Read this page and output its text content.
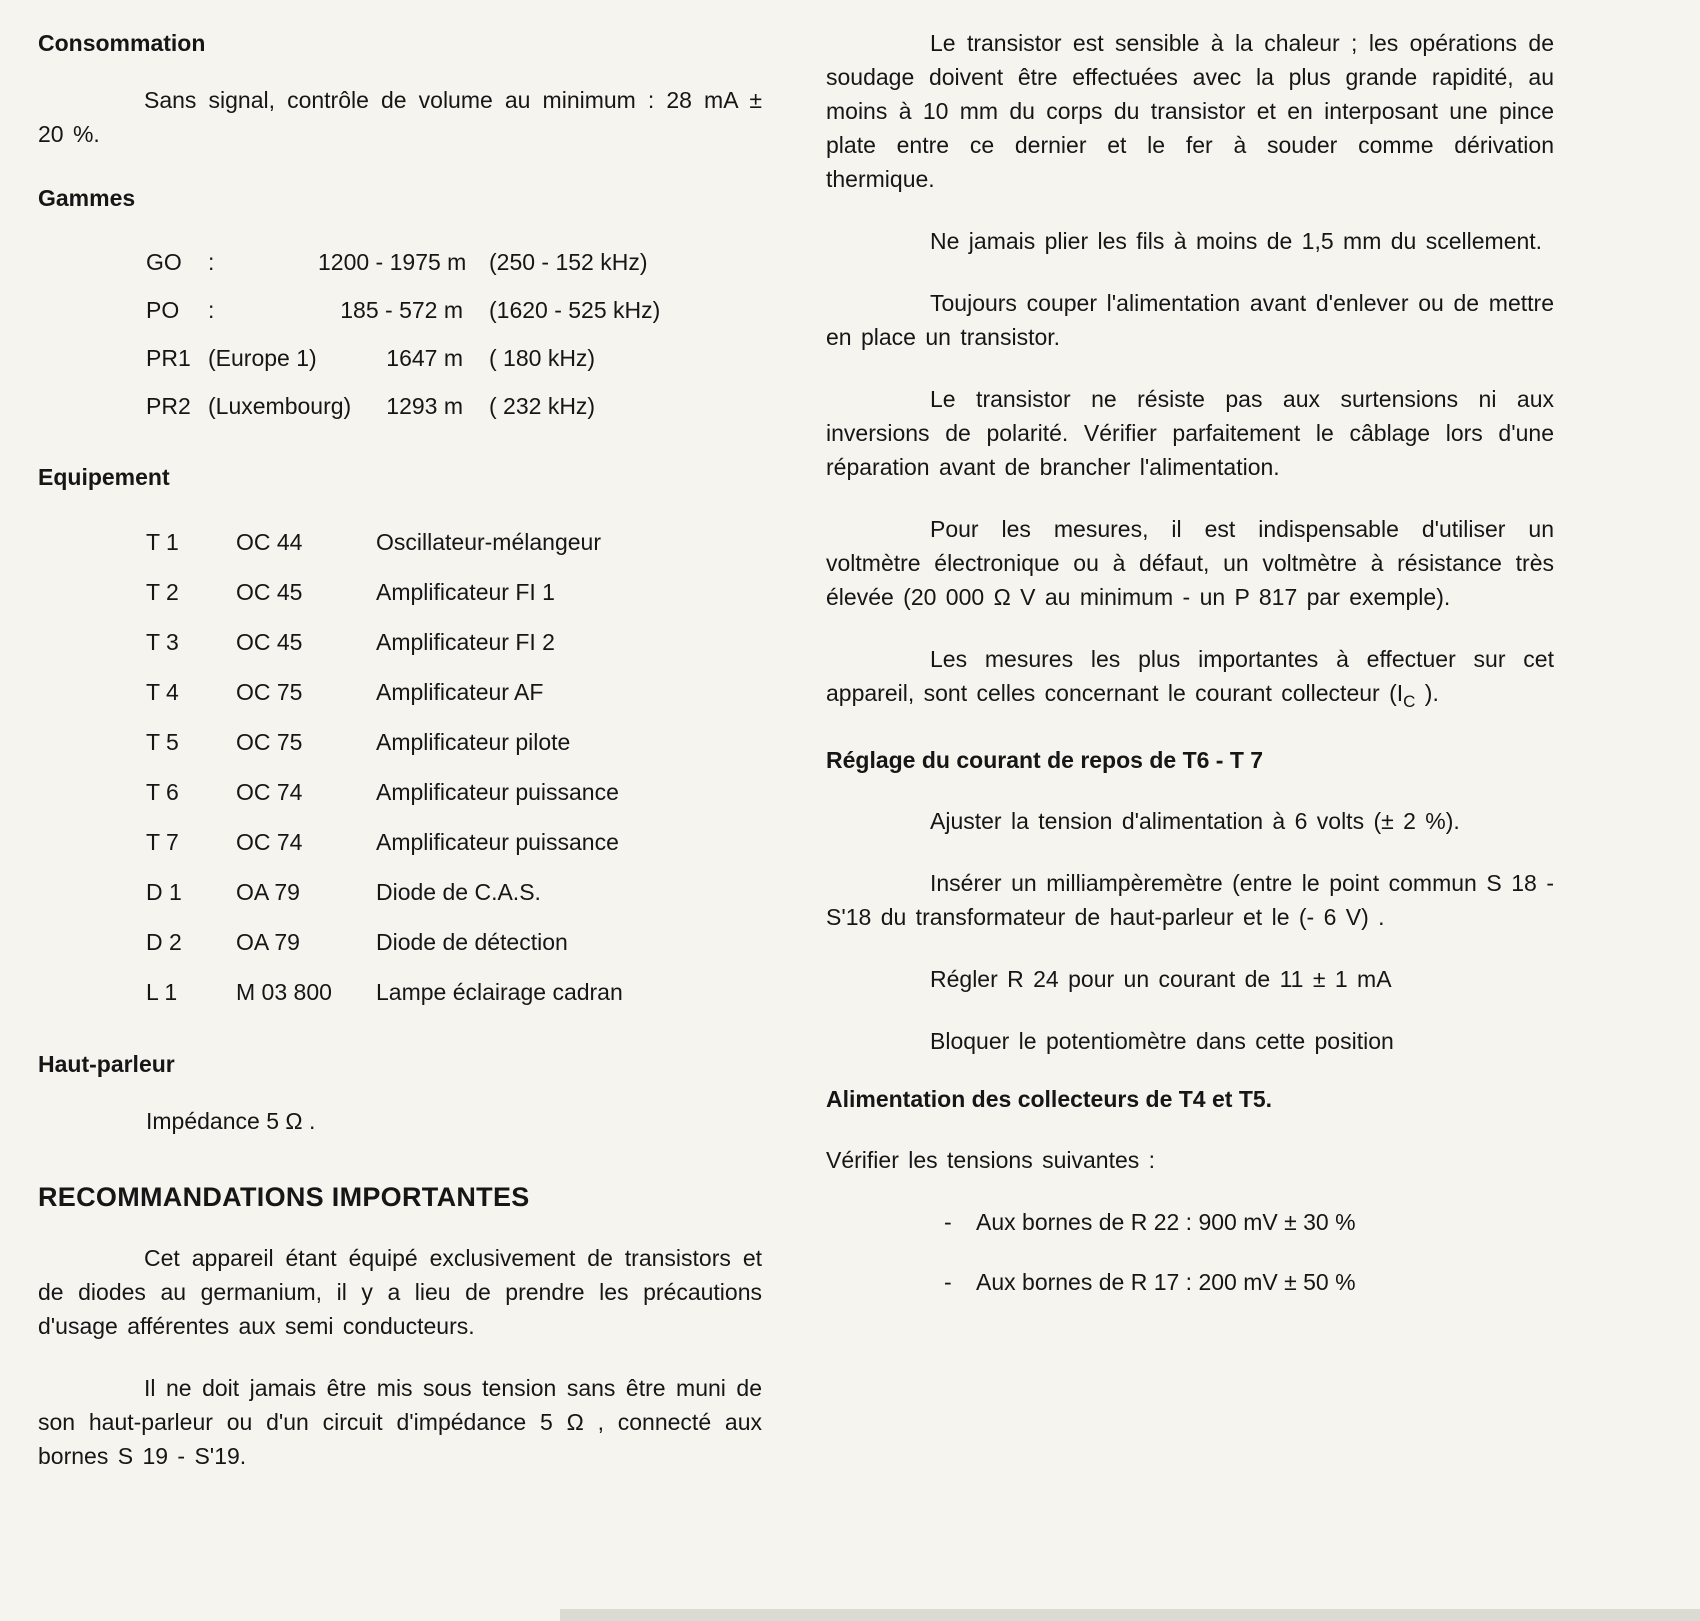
Consommation

Sans signal, contrôle de volume au minimum : 28 mA ± 20 %.

Gammes
GO	:	1200 - 1975 m (250 - 152 kHz)
PO	:	185 - 572 m	(1620 - 525 kHz)
PR1 (Europe 1)	1647 m	( 180 kHz)
PR2 (Luxembourg)	1293 m	( 232 kHz)
Equipement
T 1	OC 44	Oscillateur-mélangeur
T 2	OC 45	Amplificateur FI 1
T 3	OC 45	Amplificateur FI 2
T 4	OC 75	Amplificateur AF
T 5	OC 75	Amplificateur pilote
T 6	OC 74	Amplificateur puissance
T 7	OC 74	Amplificateur puissance
D 1	OA 79	Diode de C.A.S.
D 2	OA 79	Diode de détection
L 1	M 03 800	Lampe éclairage cadran
Haut-parleur
Impédance 5 Ω .
RECOMMANDATIONS IMPORTANTES

Cet appareil étant équipé exclusivement de transistors et de diodes au germanium, il y a lieu de prendre les précautions d'usage afférentes aux semi conducteurs.

Il ne doit jamais être mis sous tension sans être muni de son haut-parleur ou d'un circuit d'impédance 5 Ω , connecté aux bornes S 19 - S'19.

Le transistor est sensible à la chaleur ; les opérations de soudage doivent être effectuées avec la plus grande rapidité, au moins à 10 mm du corps du transistor et en interposant une pince plate entre ce dernier et le fer à souder comme dérivation thermique.

Ne jamais plier les fils à moins de 1,5 mm du scellement.

Toujours couper l'alimentation avant d'enlever ou de mettre en place un transistor.

Le transistor ne résiste pas aux surtensions ni aux inversions de polarité. Vérifier parfaitement le câblage lors d'une réparation avant de brancher l'alimentation.

Pour les mesures, il est indispensable d'utiliser un voltmètre électronique ou à défaut, un voltmètre à résistance très élevée (20 000 Ω V au minimum - un P 817 par exemple).

Les mesures les plus importantes à effectuer sur cet appareil, sont celles concernant le courant collecteur ($I_C$ ).

Réglage du courant de repos de T6 - T 7

Ajuster la tension d'alimentation à 6 volts (± 2 %).

Insérer un milliampèremètre (entre le point commun S 18 - S'18 du transformateur de haut-parleur et le (- 6 V) .

Régler R 24 pour un courant de 11 ± 1 mA

Bloquer le potentiomètre dans cette position

Alimentation des collecteurs de T4 et T5.

Vérifier les tensions suivantes :

-	Aux bornes de R 22 : 900 mV ± 30 %
-	Aux bornes de R 17 : 200 mV ± 50 %
